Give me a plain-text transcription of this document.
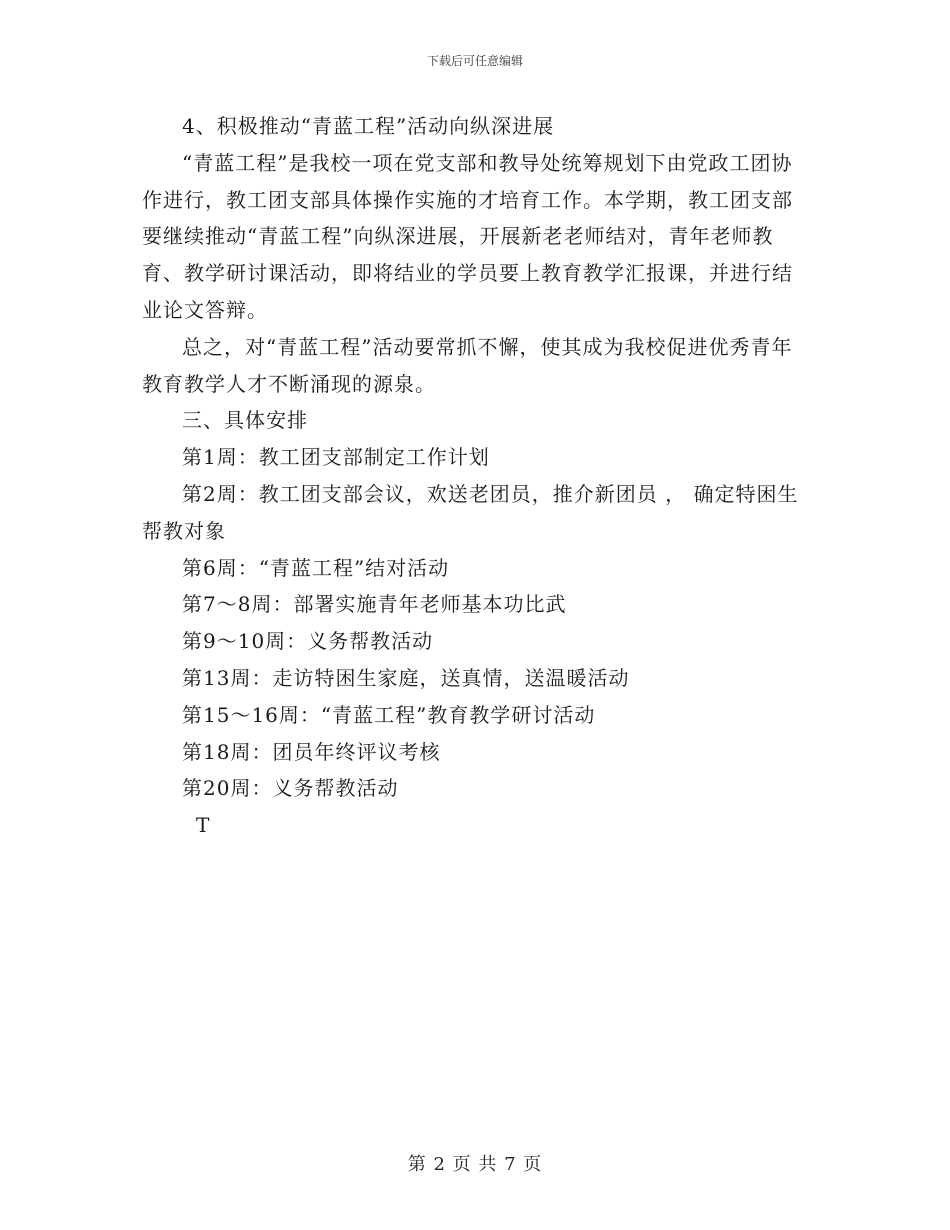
下载后可任意编辑

4、积极推动“青蓝工程”活动向纵深进展

“青蓝工程”是我校一项在党支部和教导处统筹规划下由党政工团协作进行，教工团支部具体操作实施的才培育工作。本学期，教工团支部要继续推动“青蓝工程”向纵深进展，开展新老老师结对，青年老师教育、教学研讨课活动，即将结业的学员要上教育教学汇报课，并进行结业论文答辩。

总之，对“青蓝工程”活动要常抓不懈，使其成为我校促进优秀青年教育教学人才不断涌现的源泉。

三、具体安排

第1周：教工团支部制定工作计划

第2周：教工团支部会议，欢送老团员，推介新团员 ， 确定特困生帮教对象

第6周：“青蓝工程”结对活动

第7～8周：部署实施青年老师基本功比武

第9～10周：义务帮教活动

第13周：走访特困生家庭，送真情，送温暖活动

第15～16周：“青蓝工程”教育教学研讨活动

第18周：团员年终评议考核

第20周：义务帮教活动

T

第 2 页 共 7 页
